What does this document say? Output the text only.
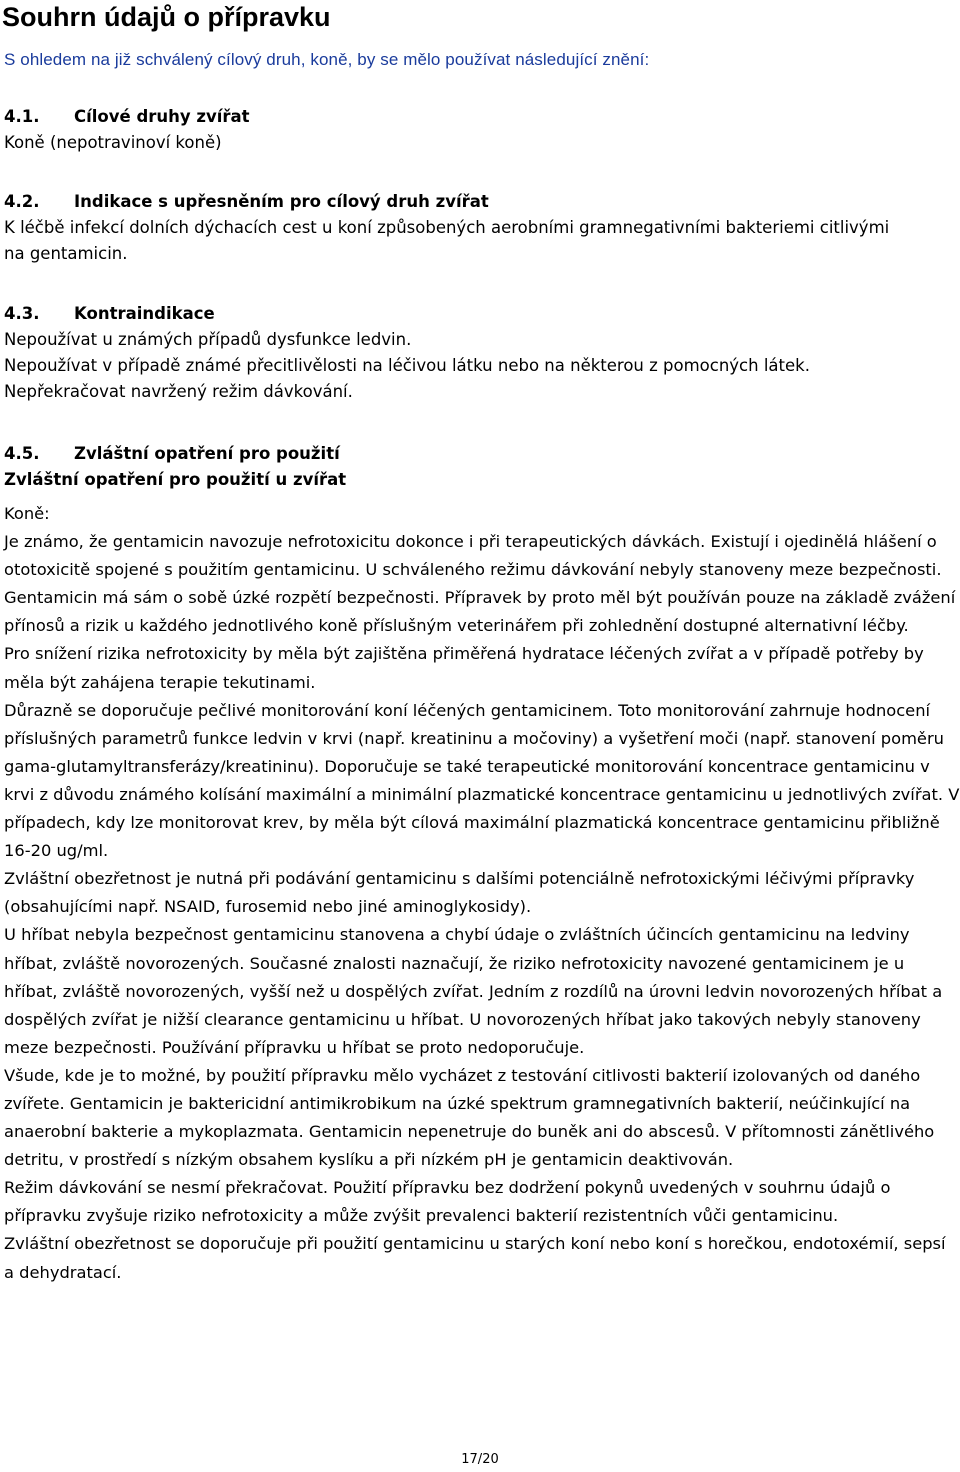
Souhrn údajů o přípravku
S ohledem na již schválený cílový druh, koně, by se mělo používat následující znění:
4.1. Cílové druhy zvířat
Koně (nepotravinoví koně)
4.2. Indikace s upřesněním pro cílový druh zvířat
K léčbě infekcí dolních dýchacích cest u koní způsobených aerobními gramnegativními bakteriemi citlivými na gentamicin.
4.3. Kontraindikace
Nepoužívat u známých případů dysfunkce ledvin.
Nepoužívat v případě známé přecitlivělosti na léčivou látku nebo na některou z pomocných látek.
Nepřekračovat navržený režim dávkování.
4.5. Zvláštní opatření pro použití
Zvláštní opatření pro použití u zvířat

Koně:

Je známo, že gentamicin navozuje nefrotoxicitu dokonce i při terapeutických dávkách. Existují i ojedinělá hlášení o ototoxicitě spojené s použitím gentamicinu. U schváleného režimu dávkování nebyly stanoveny meze bezpečnosti. Gentamicin má sám o sobě úzké rozpětí bezpečnosti. Přípravek by proto měl být používán pouze na základě zvážení přínosů a rizik u každého jednotlivého koně příslušným veterinářem při zohlednění dostupné alternativní léčby.

Pro snížení rizika nefrotoxicity by měla být zajištěna přiměřená hydratace léčených zvířat a v případě potřeby by měla být zahájena terapie tekutinami.

Důrazně se doporučuje pečlivé monitorování koní léčených gentamicinem. Toto monitorování zahrnuje hodnocení příslušných parametrů funkce ledvin v krvi (např. kreatininu a močoviny) a vyšetření moči (např. stanovení poměru gama-glutamyltransferázy/kreatininu). Doporučuje se také terapeutické monitorování koncentrace gentamicinu v krvi z důvodu známého kolísání maximální a minimální plazmatické koncentrace gentamicinu u jednotlivých zvířat. V případech, kdy lze monitorovat krev, by měla být cílová maximální plazmatická koncentrace gentamicinu přibližně 16-20 ug/ml.

Zvláštní obezřetnost je nutná při podávání gentamicinu s dalšími potenciálně nefrotoxickými léčivými přípravky (obsahujícími např. NSAID, furosemid nebo jiné aminoglykosidy).

U hříbat nebyla bezpečnost gentamicinu stanovena a chybí údaje o zvláštních účincích gentamicinu na ledviny hříbat, zvláště novorozených. Současné znalosti naznačují, že riziko nefrotoxicity navozené gentamicinem je u hříbat, zvláště novorozených, vyšší než u dospělých zvířat. Jedním z rozdílů na úrovni ledvin novorozených hříbat a dospělých zvířat je nižší clearance gentamicinu u hříbat. U novorozených hříbat jako takových nebyly stanoveny meze bezpečnosti. Používání přípravku u hříbat se proto nedoporučuje.

Všude, kde je to možné, by použití přípravku mělo vycházet z testování citlivosti bakterií izolovaných od daného zvířete. Gentamicin je baktericidní antimikrobikum na úzké spektrum gramnegativních bakterií, neúčinkující na anaerobní bakterie a mykoplazmata. Gentamicin nepenetruje do buněk ani do abscesů. V přítomnosti zánětlivého detritu, v prostředí s nízkým obsahem kyslíku a při nízkém pH je gentamicin deaktivován.

Režim dávkování se nesmí překračovat. Použití přípravku bez dodržení pokynů uvedených v souhrnu údajů o přípravku zvyšuje riziko nefrotoxicity a může zvýšit prevalenci bakterií rezistentních vůči gentamicinu.

Zvláštní obezřetnost se doporučuje při použití gentamicinu u starých koní nebo koní s horečkou, endotoxémií, sepsí a dehydratací.

17/20
